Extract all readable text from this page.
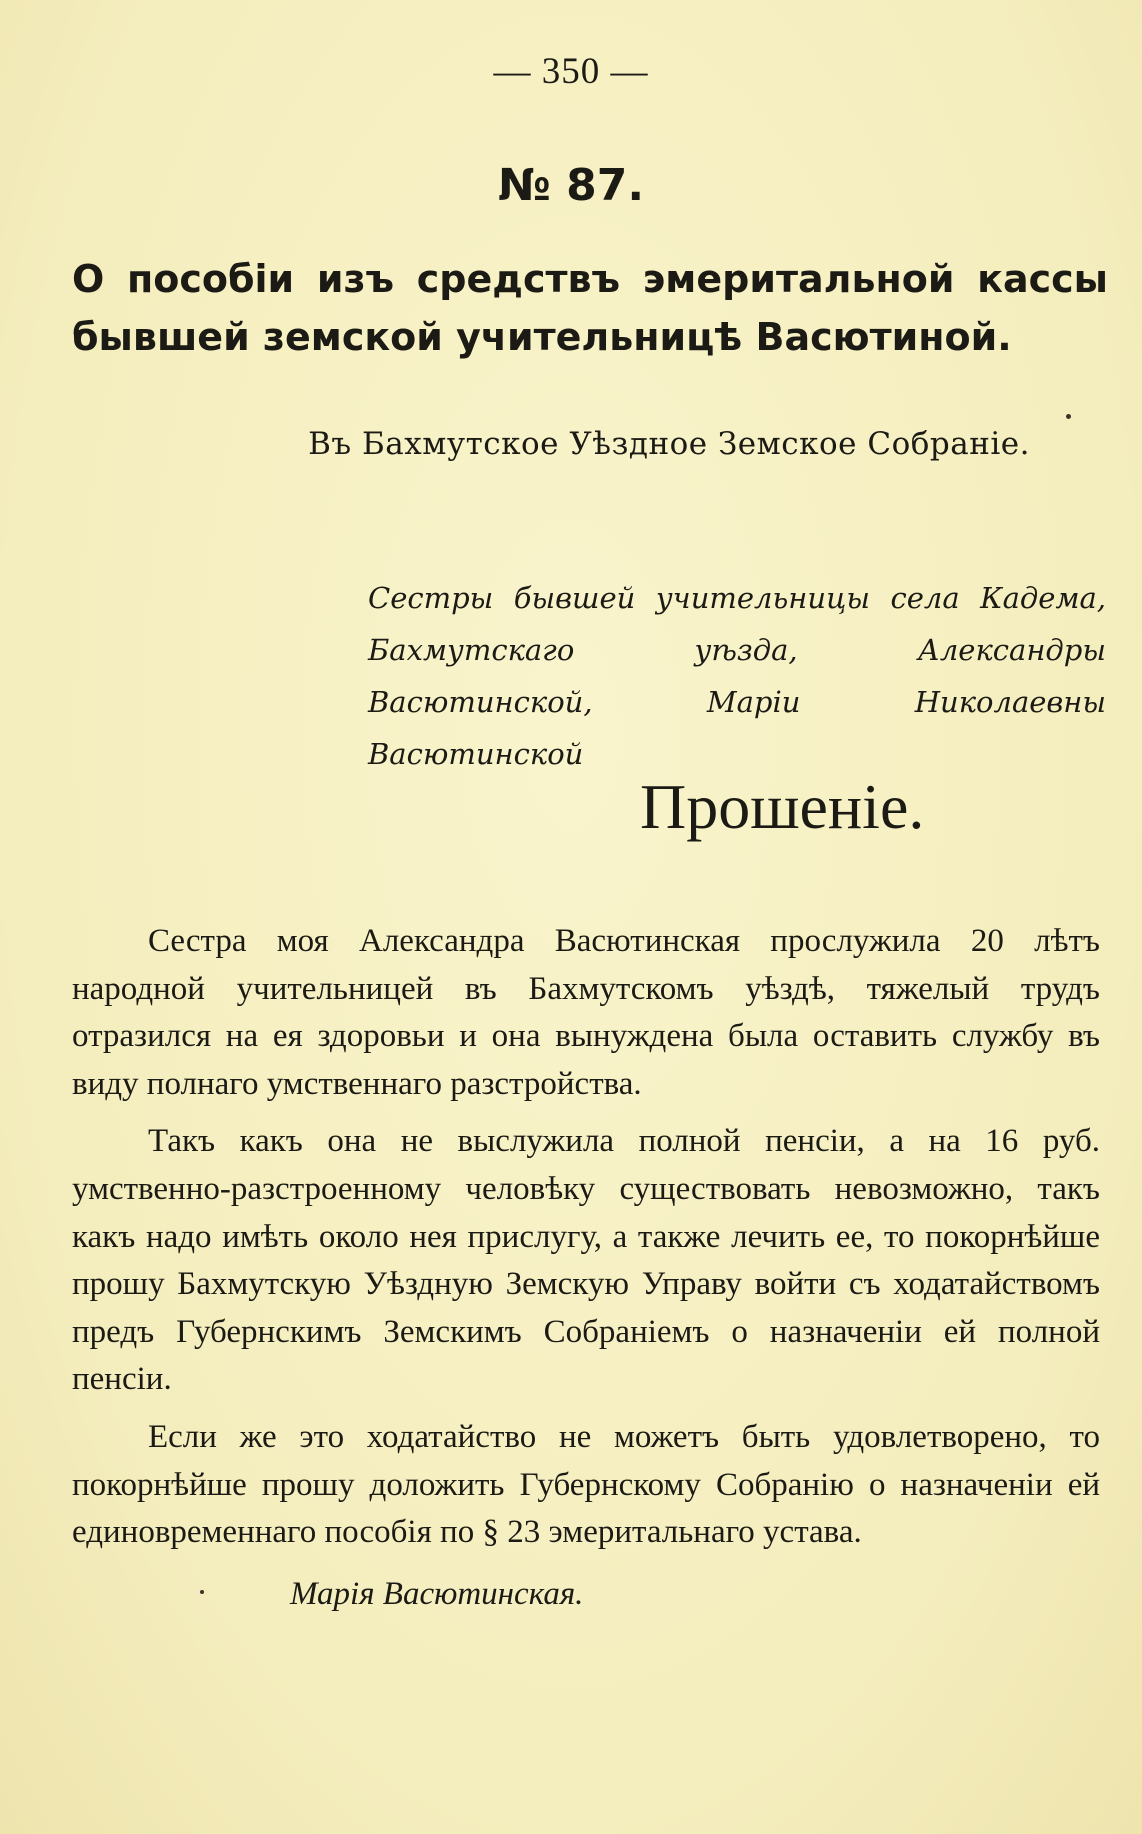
— 350 —
№ 87.
О пособіи изъ средствъ эмеритальной кассы бывшей земской учительницѣ Васютиной.
Въ Бахмутское Уѣздное Земское Собраніе.
Сестры бывшей учительницы села Кадема, Бахмутскаго уѣзда, Александры Васютинской, Маріи Николаевны Васютинской
Прошеніе.

Сестра моя Александра Васютинская прослужила 20 лѣтъ народной учительницей въ Бахмутскомъ уѣздѣ, тяжелый трудъ отразился на ея здоровьи и она вынуждена была оставить службу въ виду полнаго умственнаго разстройства.

Такъ какъ она не выслужила полной пенсіи, а на 16 руб. умственно-разстроенному человѣку существовать невозможно, такъ какъ надо имѣть около нея прислугу, а также лечить ее, то покорнѣйше прошу Бахмутскую Уѣздную Земскую Управу войти съ ходатайствомъ предъ Губернскимъ Земскимъ Собраніемъ о назначеніи ей полной пенсіи.

Если же это ходатайство не можетъ быть удовлетворено, то покорнѣйше прошу доложить Губернскому Собранію о назначеніи ей единовременнаго пособія по § 23 эмеритальнаго устава.

Марія Васютинская.
